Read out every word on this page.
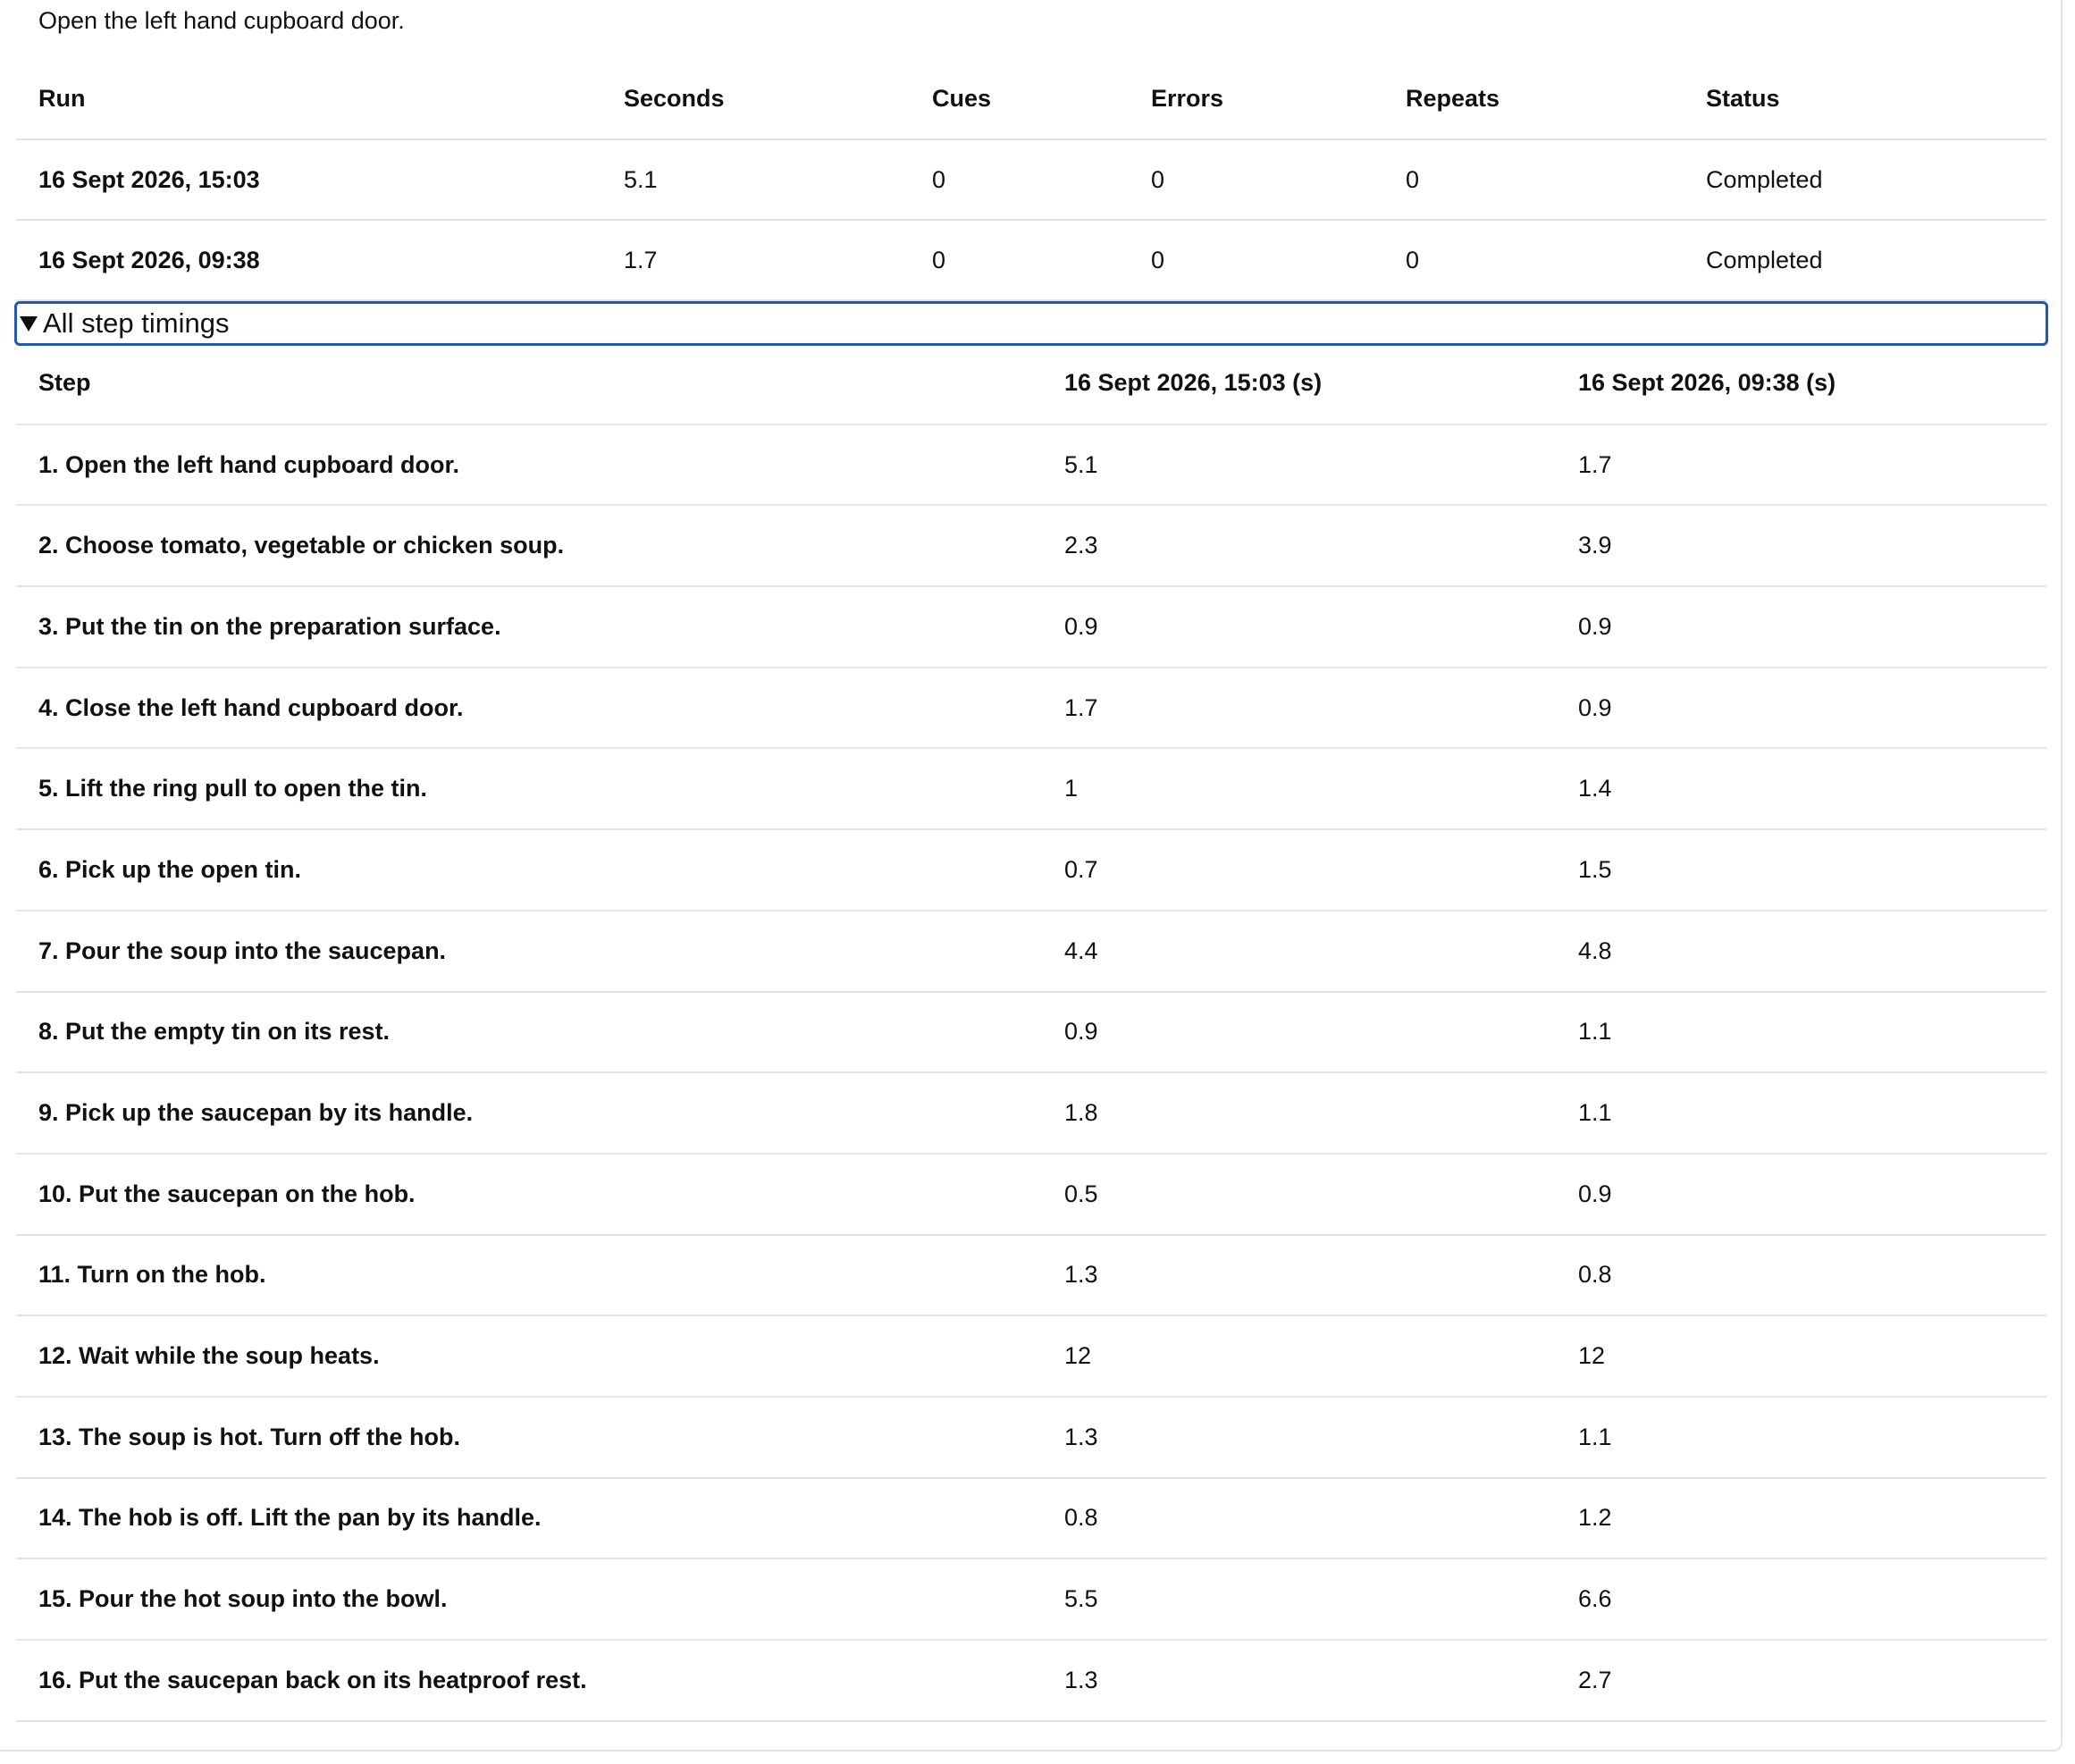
Open the left hand cupboard door.
Run	Seconds	Cues	Errors	Repeats	Status
16 Sept 2026, 15:03	5.1	0	0	0	Completed
16 Sept 2026, 09:38	1.7	0	0	0	Completed
All step timings
Step	16 Sept 2026, 15:03 (s)	16 Sept 2026, 09:38 (s)
1. Open the left hand cupboard door.	5.1	1.7
2. Choose tomato, vegetable or chicken soup.	2.3	3.9
3. Put the tin on the preparation surface.	0.9	0.9
4. Close the left hand cupboard door.	1.7	0.9
5. Lift the ring pull to open the tin.	1	1.4
6. Pick up the open tin.	0.7	1.5
7. Pour the soup into the saucepan.	4.4	4.8
8. Put the empty tin on its rest.	0.9	1.1
9. Pick up the saucepan by its handle.	1.8	1.1
10. Put the saucepan on the hob.	0.5	0.9
11. Turn on the hob.	1.3	0.8
12. Wait while the soup heats.	12	12
13. The soup is hot. Turn off the hob.	1.3	1.1
14. The hob is off. Lift the pan by its handle.	0.8	1.2
15. Pour the hot soup into the bowl.	5.5	6.6
16. Put the saucepan back on its heatproof rest.	1.3	2.7
